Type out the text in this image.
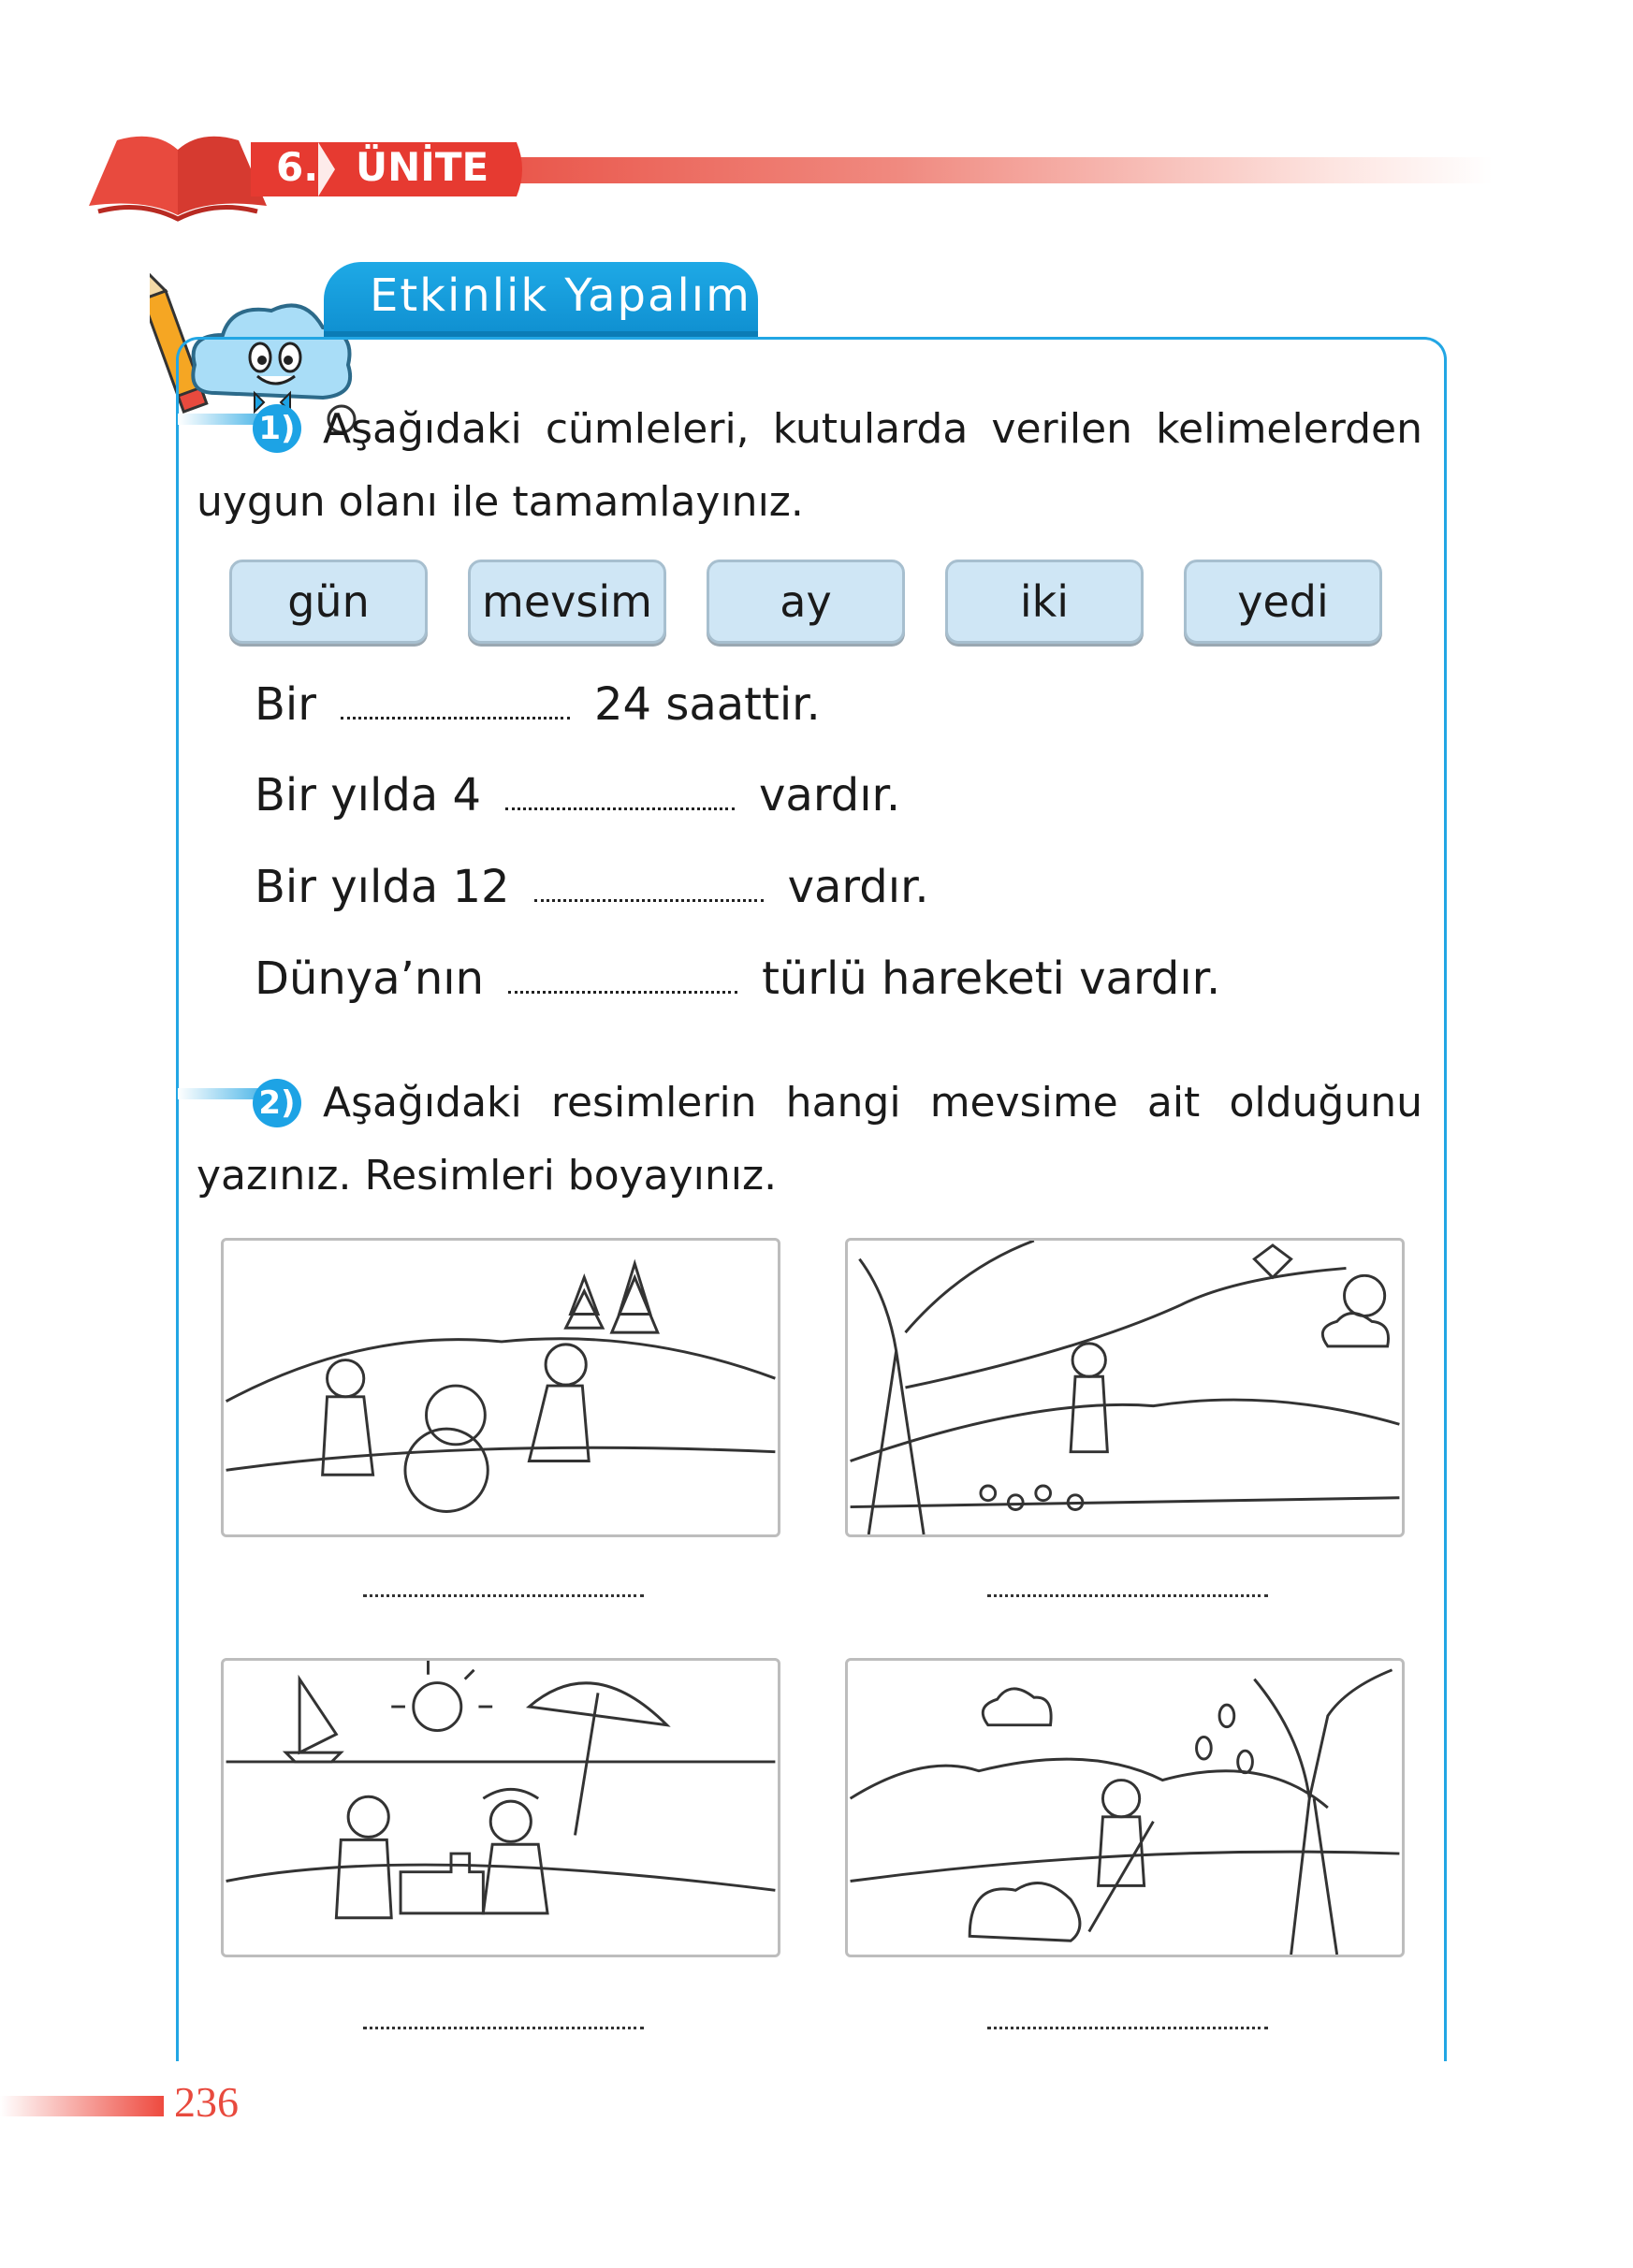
6. ÜNİTE
Etkinlik Yapalım
1) Aşağıdaki cümleleri, kutularda verilen kelimelerden uygun olanı ile tamamlayınız.
gün	mevsim	ay	iki	yedi
Bir	24 saattir.
Bir yılda 4	vardır.
Bir yılda 12	vardır.
Dünya’nın	türlü hareketi vardır.
2) Aşağıdaki resimlerin hangi mevsime ait olduğunu yazınız. Resimleri boyayınız.
236
